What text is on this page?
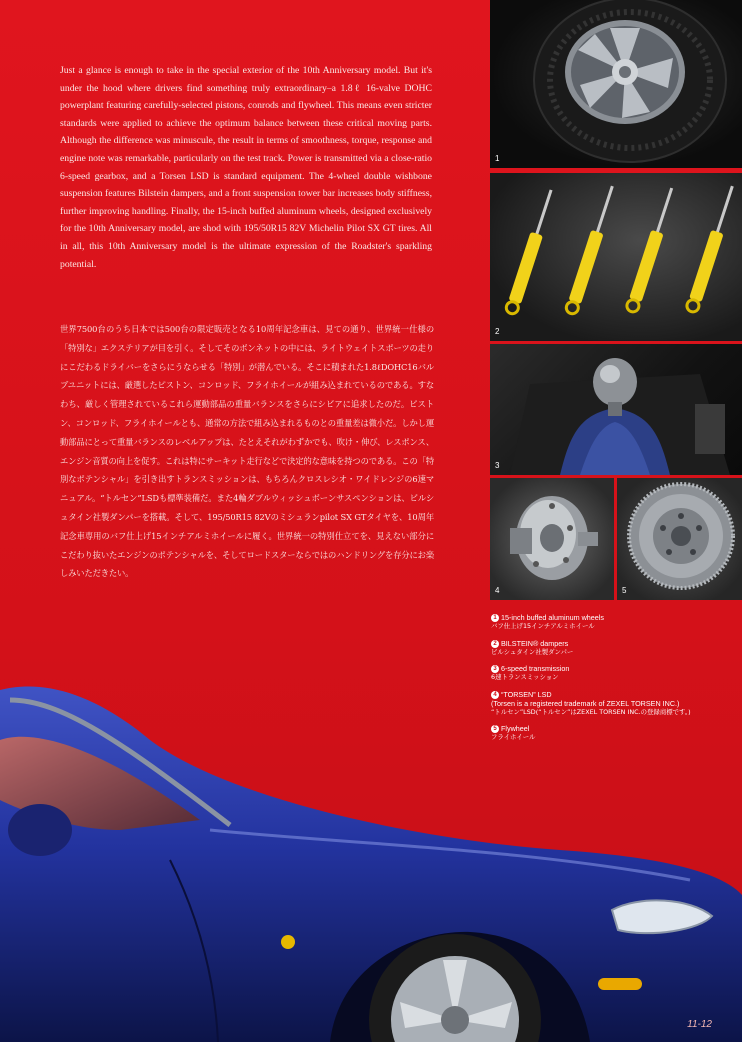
Just a glance is enough to take in the special exterior of the 10th Anniversary model. But it's under the hood where drivers find something truly extraordinary–a 1.8ℓ 16-valve DOHC powerplant featuring carefully-selected pistons, conrods and flywheel. This means even stricter standards were applied to achieve the optimum balance between these critical moving parts. Although the difference was minuscule, the result in terms of smoothness, torque, response and engine note was remarkable, particularly on the test track. Power is transmitted via a close-ratio 6-speed gearbox, and a Torsen LSD is standard equipment. The 4-wheel double wishbone suspension features Bilstein dampers, and a front suspension tower bar increases body stiffness, further improving handling. Finally, the 15-inch buffed aluminum wheels, designed exclusively for the 10th Anniversary model, are shod with 195/50R15 82V Michelin Pilot SX GT tires. All in all, this 10th Anniversary model is the ultimate expression of the Roadster's sparkling potential.

世界7500台のうち日本では500台の限定販売となる10周年記念車は、見ての通り、世界統一仕様の「特別な」エクステリアが目を引く。そしてそのボンネットの中には、ライトウェイトスポーツの走りにこだわるドライバーをさらにうならせる「特別」が潜んでいる。そこに積まれた1.8ℓDOHC16バルブユニットには、厳選したピストン、コンロッド、フライホイールが組み込まれているのである。すなわち、厳しく管理されているこれら運動部品の重量バランスをさらにシビアに追求したのだ。ピストン、コンロッド、フライホイールとも、通常の方法で組み込まれるものとの重量差は微小だ。しかし運動部品にとって重量バランスのレベルアップは、たとえそれがわずかでも、吹け・伸び、レスポンス、エンジン音質の向上を促す。これは特にサーキット走行などで決定的な意味を持つのである。この「特別なポテンシャル」を引き出すトランスミッションは、もちろんクロスレシオ・ワイドレンジの6速マニュアル。“トルセン”LSDも標準装備だ。また4輪ダブルウィッシュボーンサスペンションは、ビルシュタイン社製ダンパーを搭載。そして、195/50R15 82Vのミシュランpilot SX GTタイヤを、10周年記念車専用のバフ仕上げ15インチアルミホイールに履く。世界統一の特別仕立てを、見えない部分にこだわり抜いたエンジンのポテンシャルを、そしてロードスターならではのハンドリングを存分にお楽しみいただきたい。

1
2
3
4	5
1 15-inch buffed aluminum wheels
バフ仕上げ15インチアルミホイール
2 BILSTEIN® dampers
ビルシュタイン社製ダンパー
3 6-speed transmission
6速トランスミッション
4 “TORSEN” LSD
(Torsen is a registered trademark of ZEXEL TORSEN INC.)
“トルセン”LSD(“トルセン”はZEXEL TORSEN INC.の登録商標です。)
5 Flywheel
フライホイール
11-12
